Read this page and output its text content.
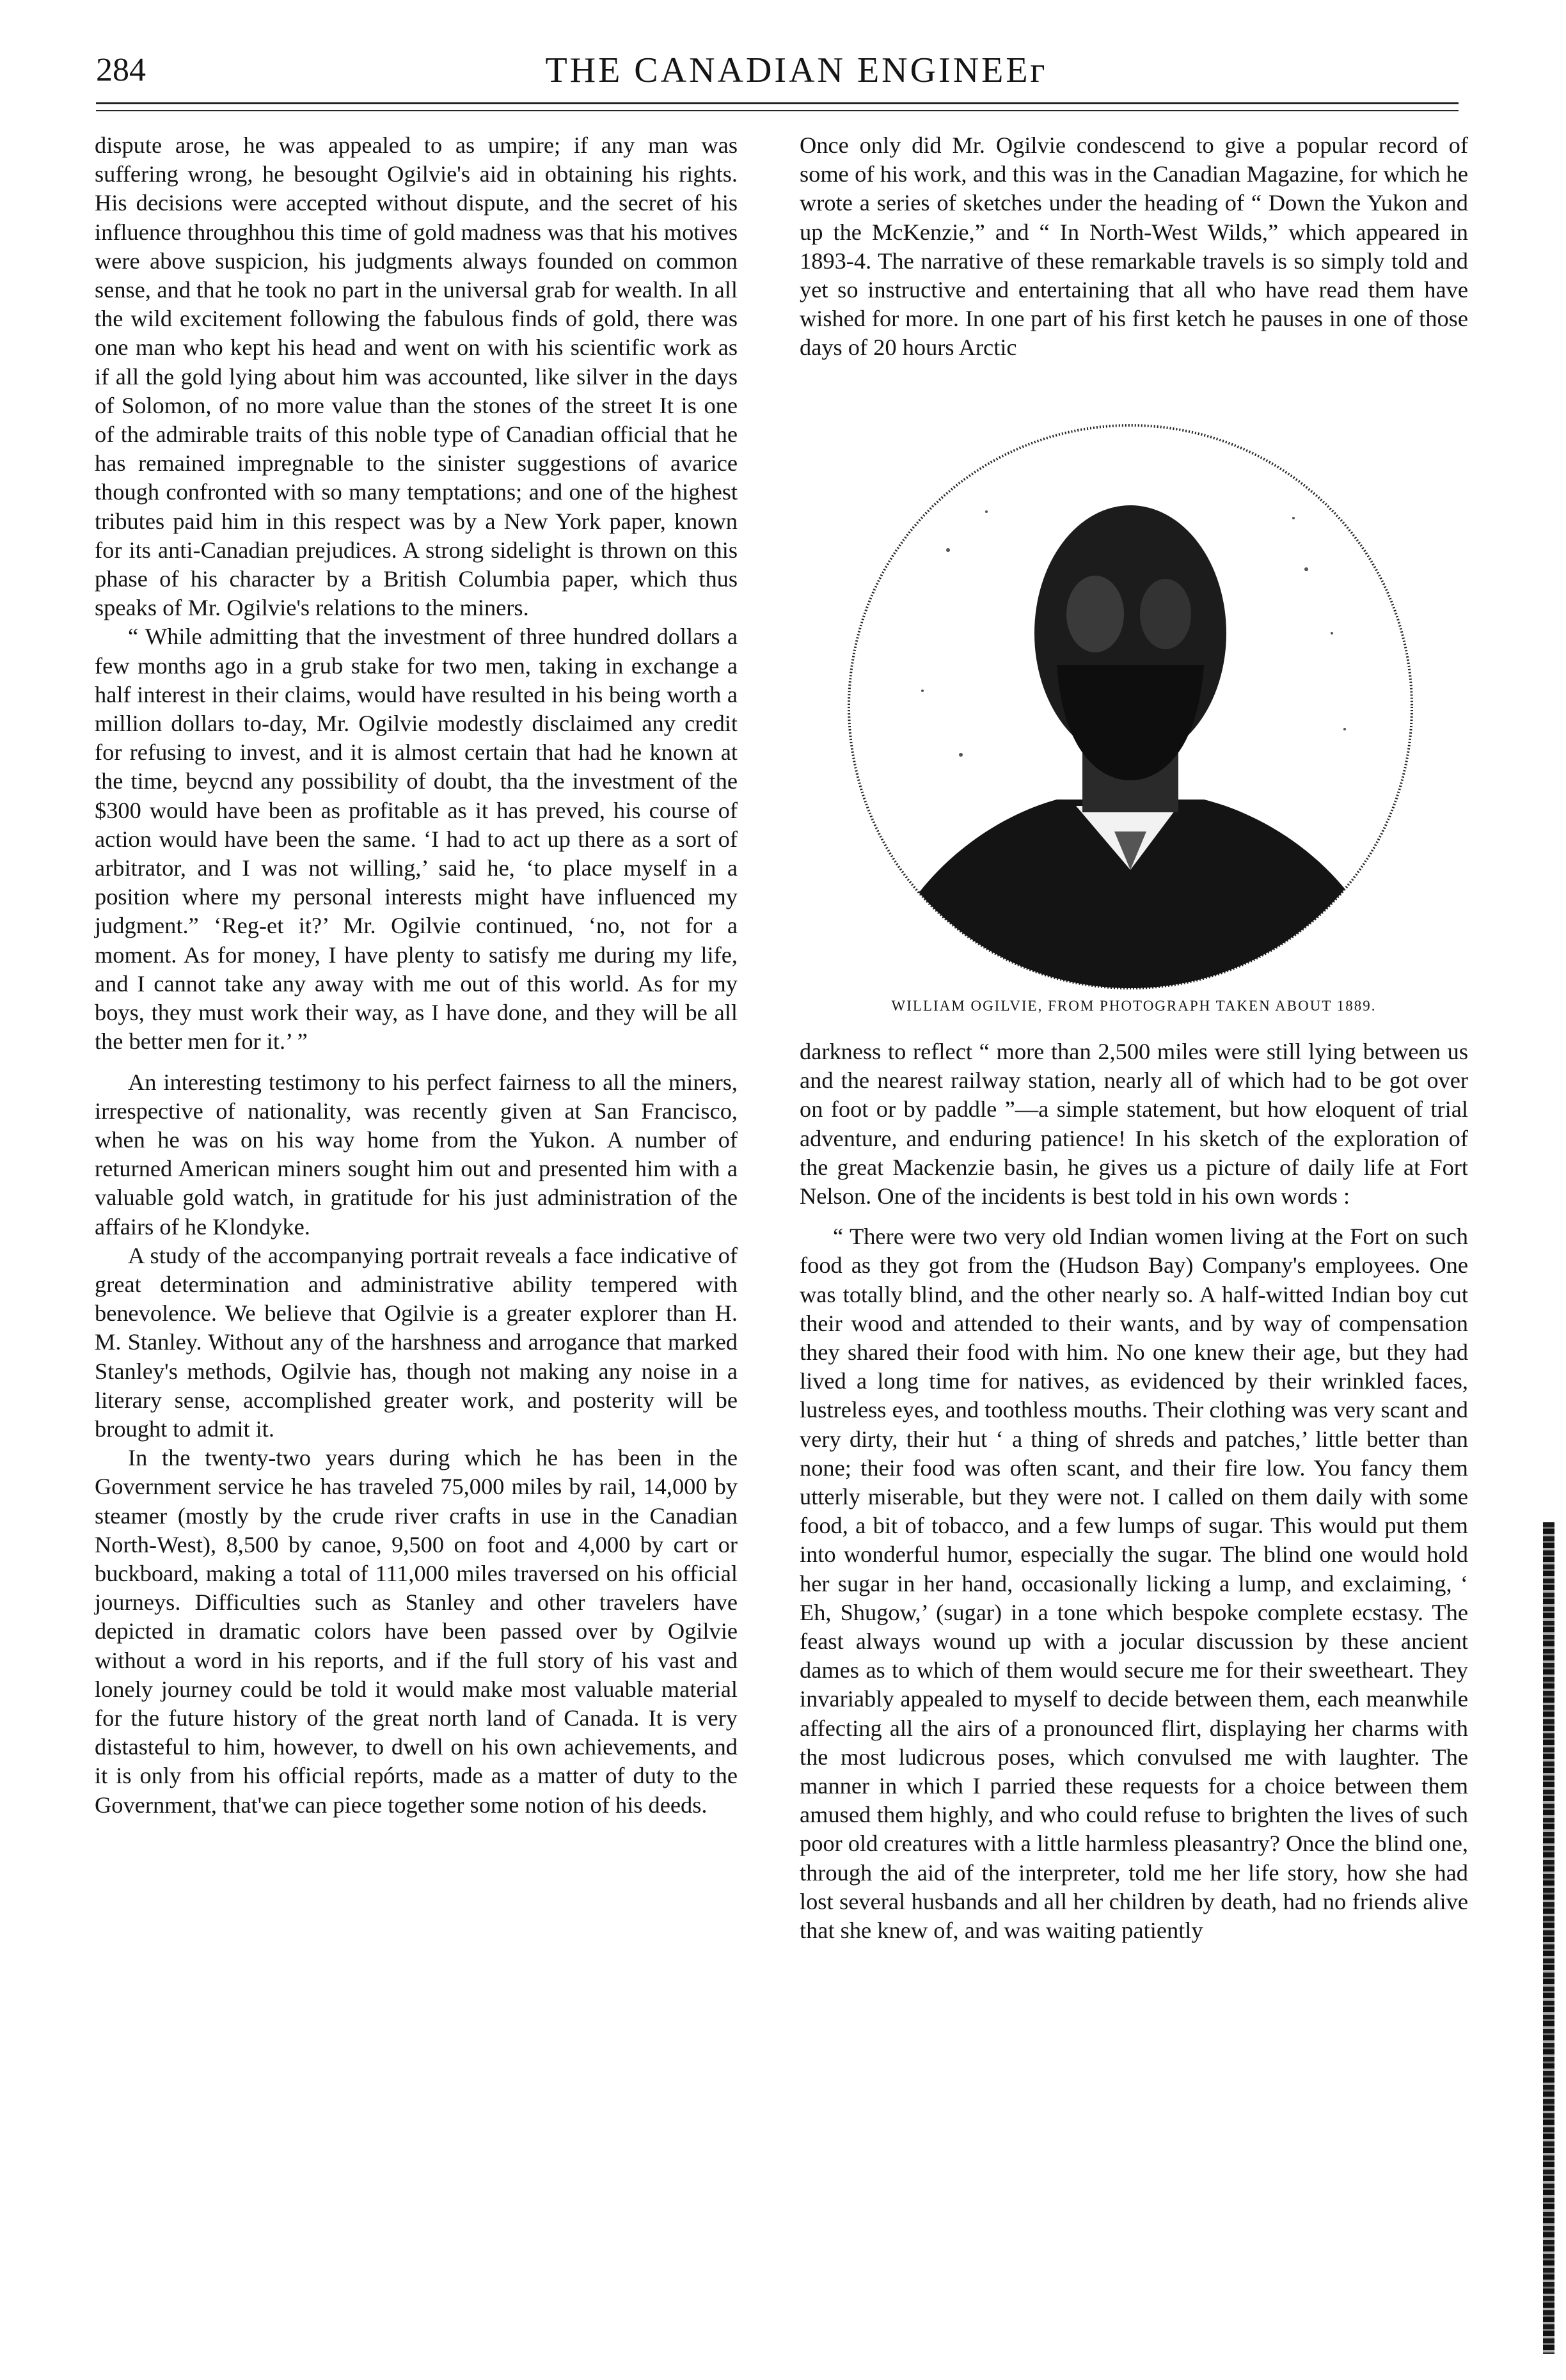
284	THE CANADIAN ENGINEEᴦ

dispute arose, he was appealed to as umpire; if any man was suffering wrong, he besought Ogilvie's aid in obtaining his rights. His decisions were accepted without dispute, and the secret of his influence throughhou this time of gold madness was that his motives were above suspicion, his judgments always founded on common sense, and that he took no part in the universal grab for wealth. In all the wild excitement following the fabulous finds of gold, there was one man who kept his head and went on with his scientific work as if all the gold lying about him was accounted, like silver in the days of Solomon, of no more value than the stones of the street It is one of the admirable traits of this noble type of Canadian official that he has remained impregnable to the sinister suggestions of avarice though confronted with so many temptations; and one of the highest tributes paid him in this respect was by a New York paper, known for its anti-Canadian prejudices. A strong sidelight is thrown on this phase of his character by a British Columbia paper, which thus speaks of Mr. Ogilvie's relations to the miners.

“ While admitting that the investment of three hundred dollars a few months ago in a grub stake for two men, taking in exchange a half interest in their claims, would have resulted in his being worth a million dollars to-day, Mr. Ogilvie modestly disclaimed any credit for refusing to invest, and it is almost certain that had he known at the time, beycnd any possibility of doubt, tha the investment of the $300 would have been as profitable as it has preved, his course of action would have been the same. ‘I had to act up there as a sort of arbitrator, and I was not willing,’ said he, ‘to place myself in a position where my personal interests might have influenced my judgment.” ‘Reg-et it?’ Mr. Ogilvie continued, ‘no, not for a moment. As for money, I have plenty to satisfy me during my life, and I cannot take any away with me out of this world. As for my boys, they must work their way, as I have done, and they will be all the better men for it.’ ”

An interesting testimony to his perfect fairness to all the miners, irrespective of nationality, was recently given at San Francisco, when he was on his way home from the Yukon. A number of returned American miners sought him out and presented him with a valuable gold watch, in gratitude for his just administration of the affairs of he Klondyke.

A study of the accompanying portrait reveals a face indicative of great determination and administrative ability tempered with benevolence. We believe that Ogilvie is a greater explorer than H. M. Stanley. Without any of the harshness and arrogance that marked Stanley's methods, Ogilvie has, though not making any noise in a literary sense, accomplished greater work, and posterity will be brought to admit it.

In the twenty-two years during which he has been in the Government service he has traveled 75,000 miles by rail, 14,000 by steamer (mostly by the crude river crafts in use in the Canadian North-West), 8,500 by canoe, 9,500 on foot and 4,000 by cart or buckboard, making a total of 111,000 miles traversed on his official journeys. Difficulties such as Stanley and other travelers have depicted in dramatic colors have been passed over by Ogilvie without a word in his reports, and if the full story of his vast and lonely journey could be told it would make most valuable material for the future history of the great north land of Canada. It is very distasteful to him, however, to dwell on his own achievements, and it is only from his official repórts, made as a matter of duty to the Government, that'we can piece together some notion of his deeds.

Once only did Mr. Ogilvie condescend to give a popular record of some of his work, and this was in the Canadian Magazine, for which he wrote a series of sketches under the heading of “ Down the Yukon and up the McKenzie,” and “ In North-West Wilds,” which appeared in 1893-4. The narrative of these remarkable travels is so simply told and yet so instructive and entertaining that all who have read them have wished for more. In one part of his first ketch he pauses in one of those days of 20 hours Arctic

WILLIAM OGILVIE, FROM PHOTOGRAPH TAKEN ABOUT 1889.

darkness to reflect “ more than 2,500 miles were still lying between us and the nearest railway station, nearly all of which had to be got over on foot or by paddle ”—a simple statement, but how eloquent of trial adventure, and enduring patience! In his sketch of the exploration of the great Mackenzie basin, he gives us a picture of daily life at Fort Nelson. One of the incidents is best told in his own words :

“ There were two very old Indian women living at the Fort on such food as they got from the (Hudson Bay) Company's employees. One was totally blind, and the other nearly so. A half-witted Indian boy cut their wood and attended to their wants, and by way of compensation they shared their food with him. No one knew their age, but they had lived a long time for natives, as evidenced by their wrinkled faces, lustreless eyes, and toothless mouths. Their clothing was very scant and very dirty, their hut ‘ a thing of shreds and patches,’ little better than none; their food was often scant, and their fire low. You fancy them utterly miserable, but they were not. I called on them daily with some food, a bit of tobacco, and a few lumps of sugar. This would put them into wonderful humor, especially the sugar. The blind one would hold her sugar in her hand, occasionally licking a lump, and exclaiming, ‘ Eh, Shugow,’ (sugar) in a tone which bespoke complete ecstasy. The feast always wound up with a jocular discussion by these ancient dames as to which of them would secure me for their sweetheart. They invariably appealed to myself to decide between them, each meanwhile affecting all the airs of a pronounced flirt, displaying her charms with the most ludicrous poses, which convulsed me with laughter. The manner in which I parried these requests for a choice between them amused them highly, and who could refuse to brighten the lives of such poor old creatures with a little harmless pleasantry? Once the blind one, through the aid of the interpreter, told me her life story, how she had lost several husbands and all her children by death, had no friends alive that she knew of, and was waiting patiently
